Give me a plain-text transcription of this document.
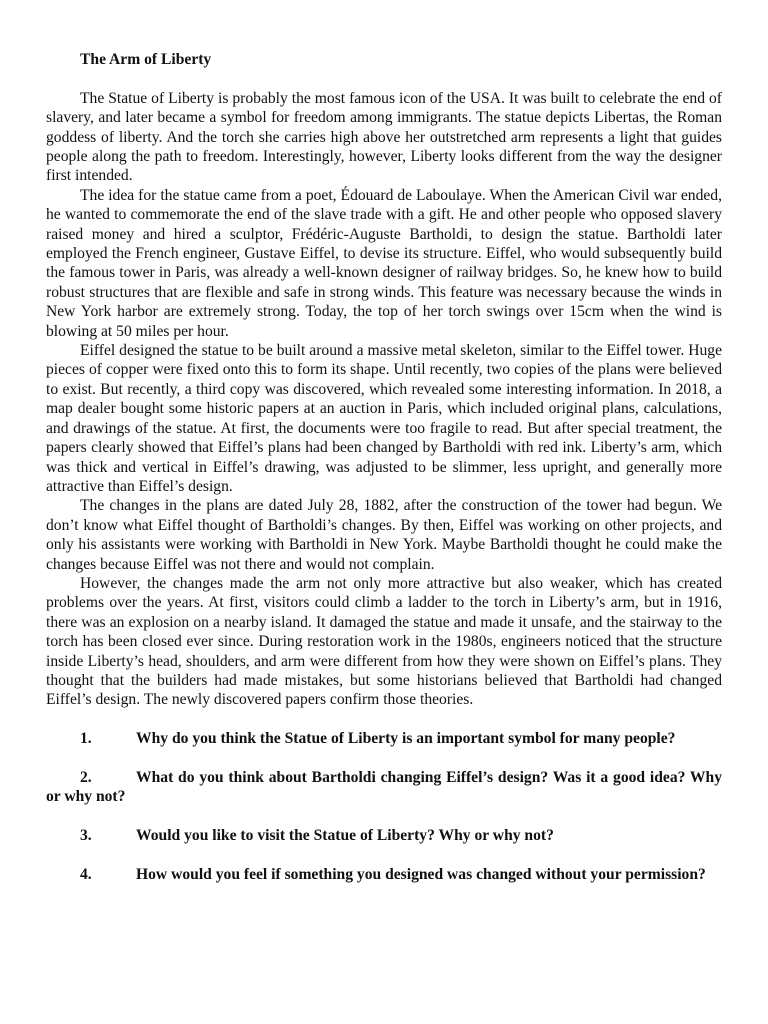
The Arm of Liberty

The Statue of Liberty is probably the most famous icon of the USA. It was built to celebrate the end of slavery, and later became a symbol for freedom among immigrants. The statue depicts Libertas, the Roman goddess of liberty. And the torch she carries high above her outstretched arm represents a light that guides people along the path to freedom. Interestingly, however, Liberty looks different from the way the designer first intended.

The idea for the statue came from a poet, Édouard de Laboulaye. When the American Civil war ended, he wanted to commemorate the end of the slave trade with a gift. He and other people who opposed slavery raised money and hired a sculptor, Frédéric-Auguste Bartholdi, to design the statue. Bartholdi later employed the French engineer, Gustave Eiffel, to devise its structure. Eiffel, who would subsequently build the famous tower in Paris, was already a well-known designer of railway bridges. So, he knew how to build robust structures that are flexible and safe in strong winds. This feature was necessary because the winds in New York harbor are extremely strong. Today, the top of her torch swings over 15cm when the wind is blowing at 50 miles per hour.

Eiffel designed the statue to be built around a massive metal skeleton, similar to the Eiffel tower. Huge pieces of copper were fixed onto this to form its shape. Until recently, two copies of the plans were believed to exist. But recently, a third copy was discovered, which revealed some interesting information. In 2018, a map dealer bought some historic papers at an auction in Paris, which included original plans, calculations, and drawings of the statue. At first, the documents were too fragile to read. But after special treatment, the papers clearly showed that Eiffel’s plans had been changed by Bartholdi with red ink. Liberty’s arm, which was thick and vertical in Eiffel’s drawing, was adjusted to be slimmer, less upright, and generally more attractive than Eiffel’s design.

The changes in the plans are dated July 28, 1882, after the construction of the tower had begun. We don’t know what Eiffel thought of Bartholdi’s changes. By then, Eiffel was working on other projects, and only his assistants were working with Bartholdi in New York. Maybe Bartholdi thought he could make the changes because Eiffel was not there and would not complain.

However, the changes made the arm not only more attractive but also weaker, which has created problems over the years. At first, visitors could climb a ladder to the torch in Liberty’s arm, but in 1916, there was an explosion on a nearby island. It damaged the statue and made it unsafe, and the stairway to the torch has been closed ever since. During restoration work in the 1980s, engineers noticed that the structure inside Liberty’s head, shoulders, and arm were different from how they were shown on Eiffel’s plans. They thought that the builders had made mistakes, but some historians believed that Bartholdi had changed Eiffel’s design. The newly discovered papers confirm those theories.

1.	Why do you think the Statue of Liberty is an important symbol for many people?

2.	What do you think about Bartholdi changing Eiffel’s design? Was it a good idea? Why or why not?

3.	Would you like to visit the Statue of Liberty? Why or why not?

4.	How would you feel if something you designed was changed without your permission?
